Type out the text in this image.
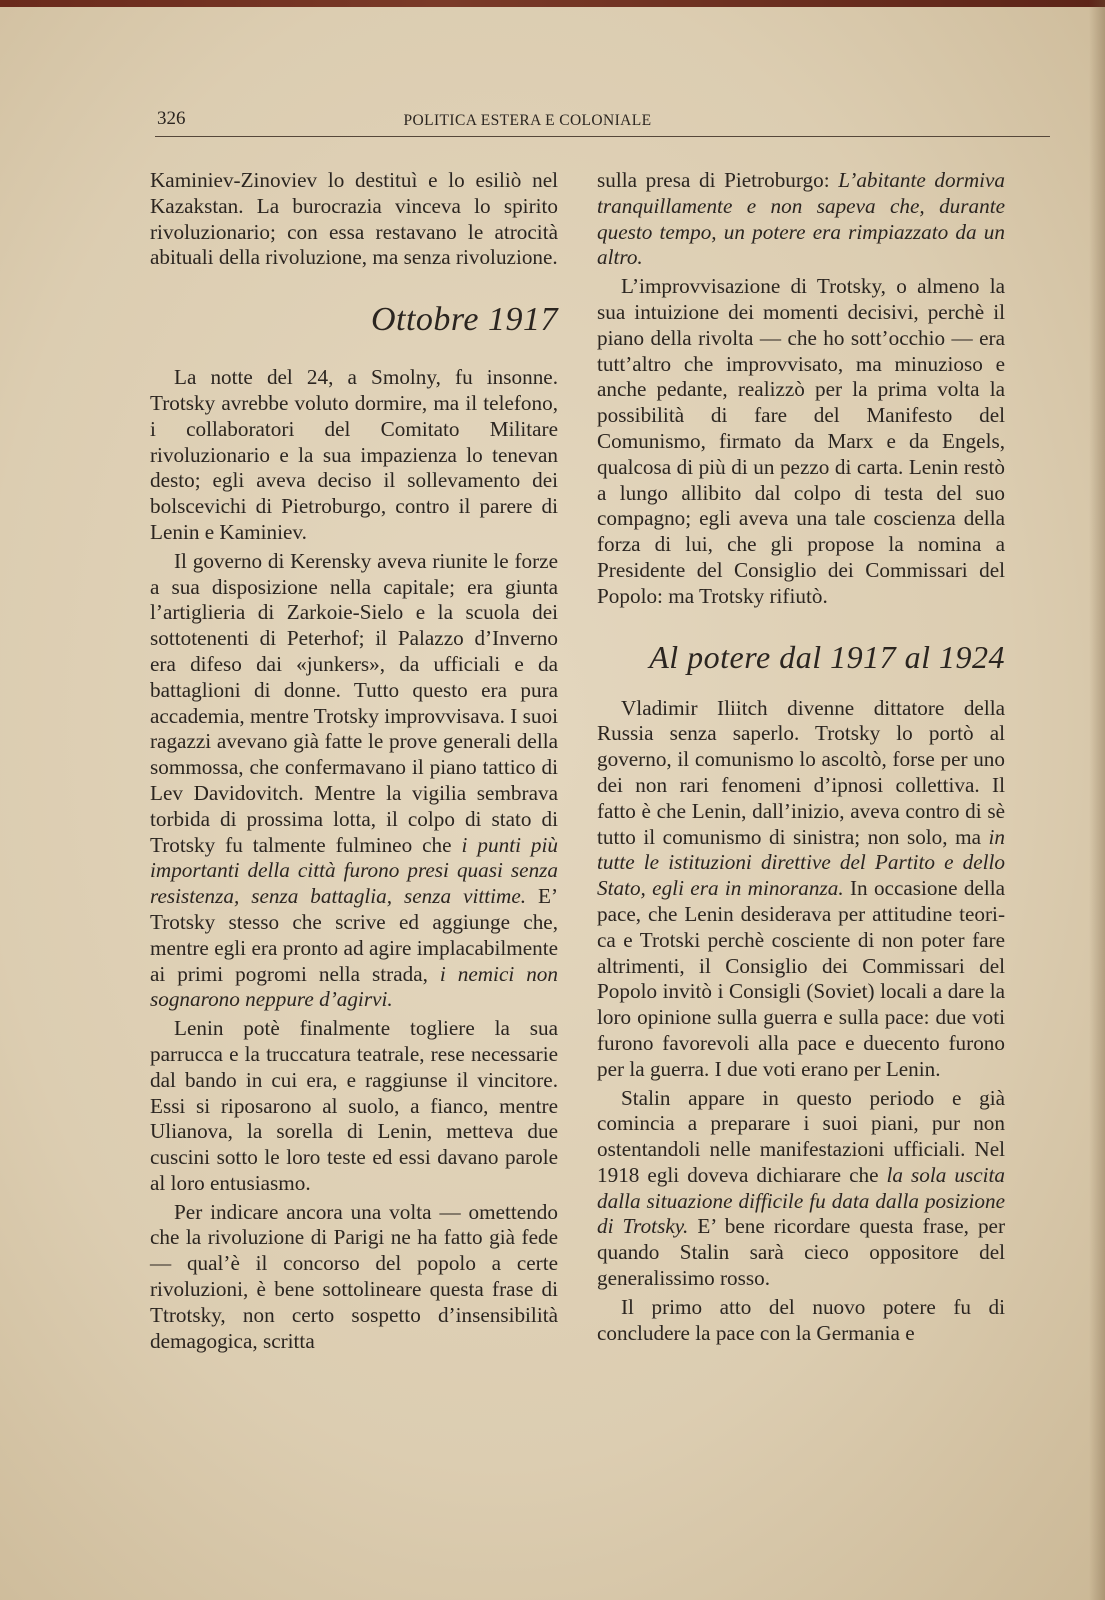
326	POLITICA ESTERA E COLONIALE

Kaminiev-Zinoviev lo destituì e lo esiliò nel Kazakstan. La burocrazia vinceva lo spirito rivoluzionario; con essa restavano le atrocità abituali della rivoluzione, ma senza rivoluzione.

Ottobre 1917

La notte del 24, a Smolny, fu insonne. Trotsky avrebbe voluto dormire, ma il telefono, i collaboratori del Comitato Militare rivoluzionario e la sua impazienza lo tenevan desto; egli aveva deciso il sollevamento dei bolscevichi di Pietroburgo, contro il parere di Lenin e Kaminiev.

Il governo di Kerensky aveva riunite le forze a sua disposizione nella capitale; era giunta l’artiglieria di Zarkoie-Sielo e la scuola dei sottotenenti di Peterhof; il Palazzo d’Inverno era difeso dai «junkers», da ufficiali e da battaglioni di donne. Tutto questo era pura accademia, mentre Trotsky improvvisava. I suoi ragazzi avevano già fatte le prove generali della sommossa, che confermavano il piano tattico di Lev Davidovitch. Mentre la vigilia sembrava torbida di prossima lotta, il colpo di stato di Trotsky fu talmente fulmineo che i punti più importanti della città furono presi quasi senza resistenza, senza battaglia, senza vittime. E’ Trotsky stesso che scrive ed aggiunge che, mentre egli era pronto ad agire implacabilmente ai primi pogromi nella strada, i nemici non sognarono neppure d’agirvi.

Lenin potè finalmente togliere la sua parrucca e la truccatura teatrale, rese necessarie dal bando in cui era, e raggiunse il vincitore. Essi si riposarono al suolo, a fianco, mentre Ulianova, la sorella di Lenin, metteva due cuscini sotto le loro teste ed essi davano parole al loro entusiasmo.

Per indicare ancora una volta — omettendo che la rivoluzione di Parigi ne ha fatto già fede — qual’è il concorso del popolo a certe rivoluzioni, è bene sottolineare questa frase di Ttrotsky, non certo sospetto d’insensibilità demagogica, scritta

sulla presa di Pietroburgo: L’abitante dormiva tranquillamente e non sapeva che, durante questo tempo, un potere era rimpiazzato da un altro.

L’improvvisazione di Trotsky, o almeno la sua intuizione dei momenti decisivi, perchè il piano della rivolta — che ho sott’occhio — era tutt’altro che improvvisato, ma minuzioso e anche pedante, realizzò per la prima volta la possibilità di fare del Manifesto del Comunismo, firmato da Marx e da Engels, qualcosa di più di un pezzo di carta. Lenin restò a lungo allibito dal colpo di testa del suo compagno; egli aveva una tale coscienza della forza di lui, che gli propose la nomina a Presidente del Consiglio dei Commissari del Popolo: ma Trotsky rifiutò.

Al potere dal 1917 al 1924

Vladimir Iliitch divenne dittatore della Russia senza saperlo. Trotsky lo portò al governo, il comunismo lo ascoltò, forse per uno dei non rari fenomeni d’ipnosi collettiva. Il fatto è che Lenin, dall’inizio, aveva contro di sè tutto il comunismo di sinistra; non solo, ma in tutte le istituzioni direttive del Partito e dello Stato, egli era in minoranza. In occasione della pace, che Lenin desiderava per attitudine teorica e Trotski perchè cosciente di non poter fare altrimenti, il Consiglio dei Commissari del Popolo invitò i Consigli (Soviet) locali a dare la loro opinione sulla guerra e sulla pace: due voti furono favorevoli alla pace e duecento furono per la guerra. I due voti erano per Lenin.

Stalin appare in questo periodo e già comincia a preparare i suoi piani, pur non ostentandoli nelle manifestazioni ufficiali. Nel 1918 egli doveva dichiarare che la sola uscita dalla situazione difficile fu data dalla posizione di Trotsky. E’ bene ricordare questa frase, per quando Stalin sarà cieco oppositore del generalissimo rosso.

Il primo atto del nuovo potere fu di concludere la pace con la Germania e
